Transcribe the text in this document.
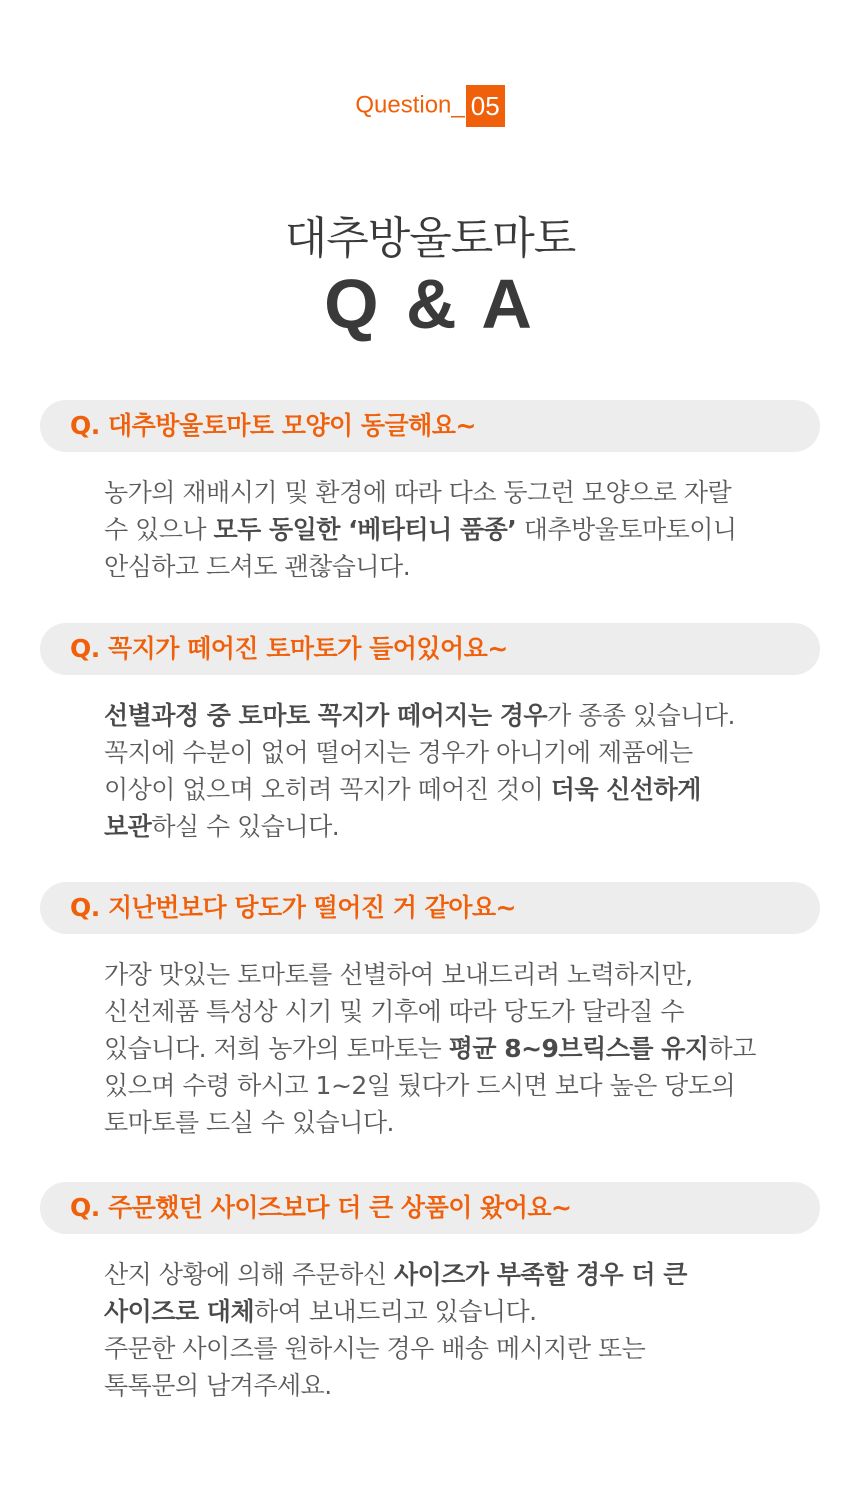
Question_ 05
대추방울토마토
Q & A
Q. 대추방울토마토 모양이 동글해요~
농가의 재배시기 및 환경에 따라 다소 둥그런 모양으로 자랄
수 있으나 모두 동일한 ‘베타티니 품종’ 대추방울토마토이니
안심하고 드셔도 괜찮습니다.
Q. 꼭지가 떼어진 토마토가 들어있어요~
선별과정 중 토마토 꼭지가 떼어지는 경우가 종종 있습니다.
꼭지에 수분이 없어 떨어지는 경우가 아니기에 제품에는
이상이 없으며 오히려 꼭지가 떼어진 것이 더욱 신선하게
보관하실 수 있습니다.
Q. 지난번보다 당도가 떨어진 거 같아요~
가장 맛있는 토마토를 선별하여 보내드리려 노력하지만,
신선제품 특성상 시기 및 기후에 따라 당도가 달라질 수
있습니다. 저희 농가의 토마토는 평균 8~9브릭스를 유지하고
있으며 수령 하시고 1~2일 뒀다가 드시면 보다 높은 당도의
토마토를 드실 수 있습니다.
Q. 주문했던 사이즈보다 더 큰 상품이 왔어요~
산지 상황에 의해 주문하신 사이즈가 부족할 경우 더 큰
사이즈로 대체하여 보내드리고 있습니다.
주문한 사이즈를 원하시는 경우 배송 메시지란 또는
톡톡문의 남겨주세요.
